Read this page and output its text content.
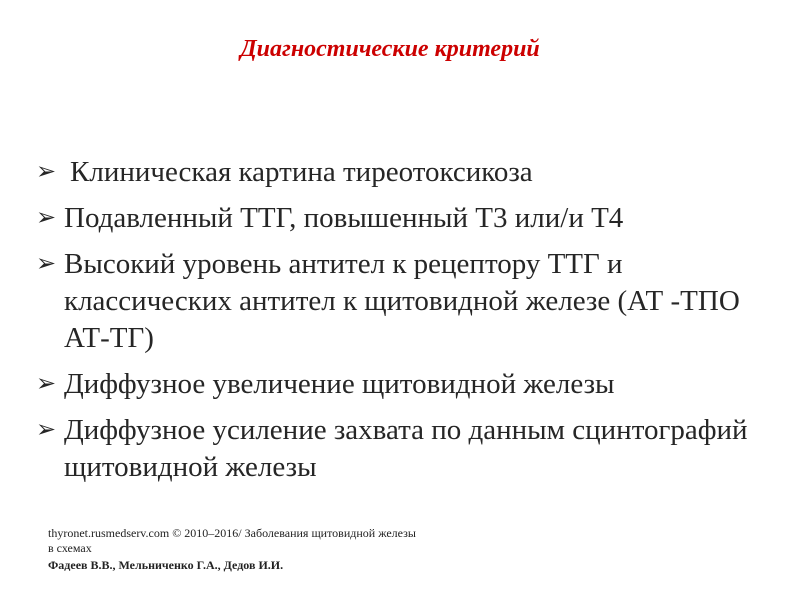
Диагностические критерий
➢ Клиническая картина тиреотоксикоза
➢ Подавленный ТТГ, повышенный Т3 или/и Т4
➢ Высокий уровень антител к рецептору ТТГ и классических антител к щитовидной железе (АТ -ТПО АТ-ТГ)
➢ Диффузное увеличение щитовидной железы
➢ Диффузное усиление захвата по данным сцинтографий щитовидной железы
thyronet.rusmedserv.com © 2010–2016/ Заболевания щитовидной железы
в схемах
Фадеев В.В., Мельниченко Г.А., Дедов И.И.
